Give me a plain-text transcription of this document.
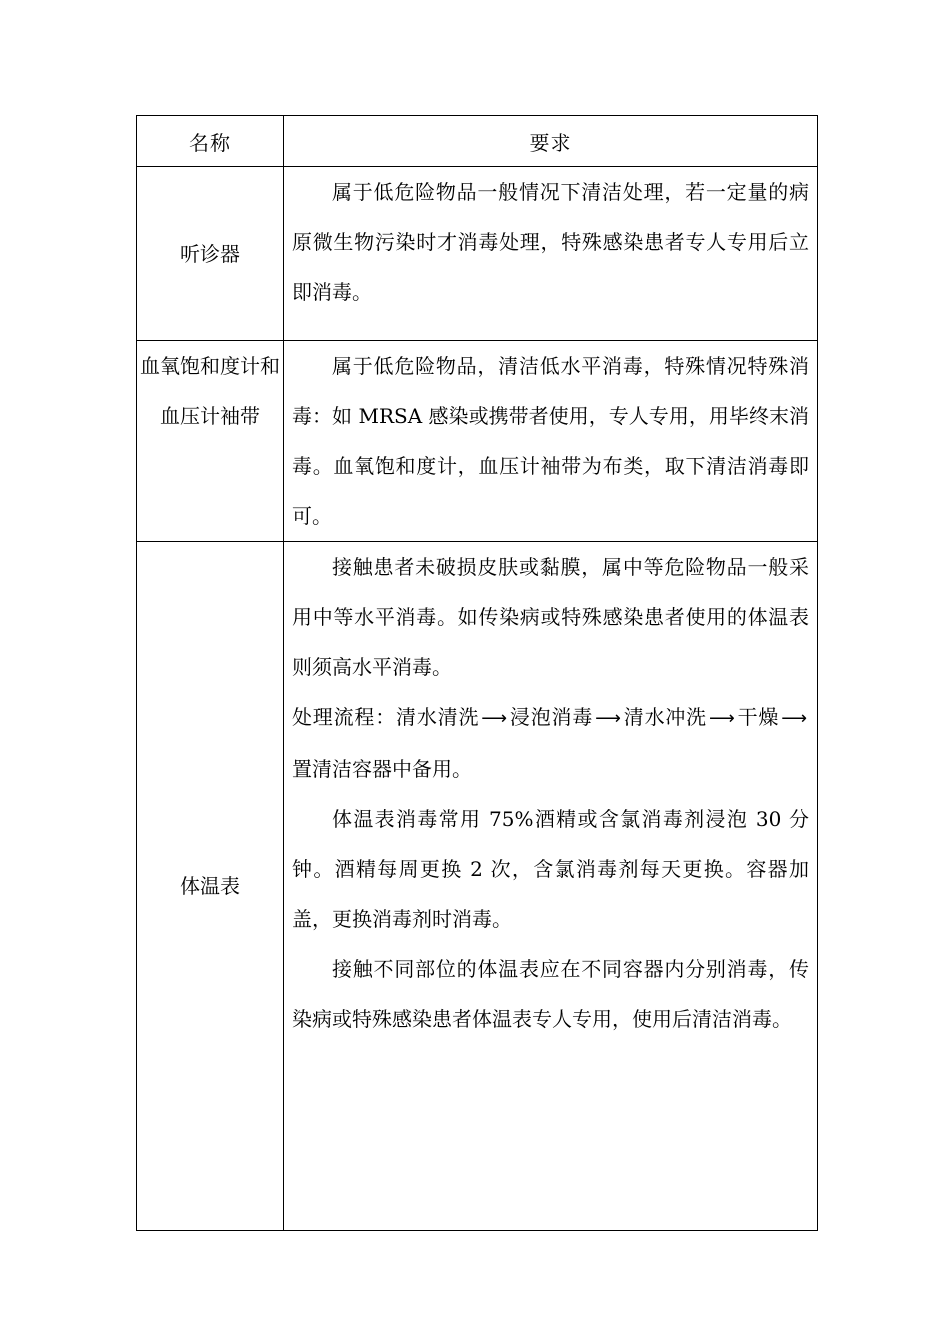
名称	要求
听诊器	属于低危险物品一般情况下清洁处理，若一定量的病原微生物污染时才消毒处理，特殊感染患者专人专用后立即消毒。

血氧饱和度计和血压计袖带	属于低危险物品，清洁低水平消毒，特殊情况特殊消毒：如 MRSA 感染或携带者使用，专人专用，用毕终末消毒。血氧饱和度计，血压计袖带为布类，取下清洁消毒即可。

体温表	接触患者未破损皮肤或黏膜，属中等危险物品一般采用中等水平消毒。如传染病或特殊感染患者使用的体温表则须高水平消毒。

处理流程：清水清洗 ⟶ 浸泡消毒 ⟶ 清水冲洗 ⟶ 干燥 ⟶置清洁容器中备用。

体温表消毒常用 75%酒精或含氯消毒剂浸泡 30 分钟。酒精每周更换 2 次，含氯消毒剂每天更换。容器加盖，更换消毒剂时消毒。

接触不同部位的体温表应在不同容器内分别消毒，传染病或特殊感染患者体温表专人专用，使用后清洁消毒。
